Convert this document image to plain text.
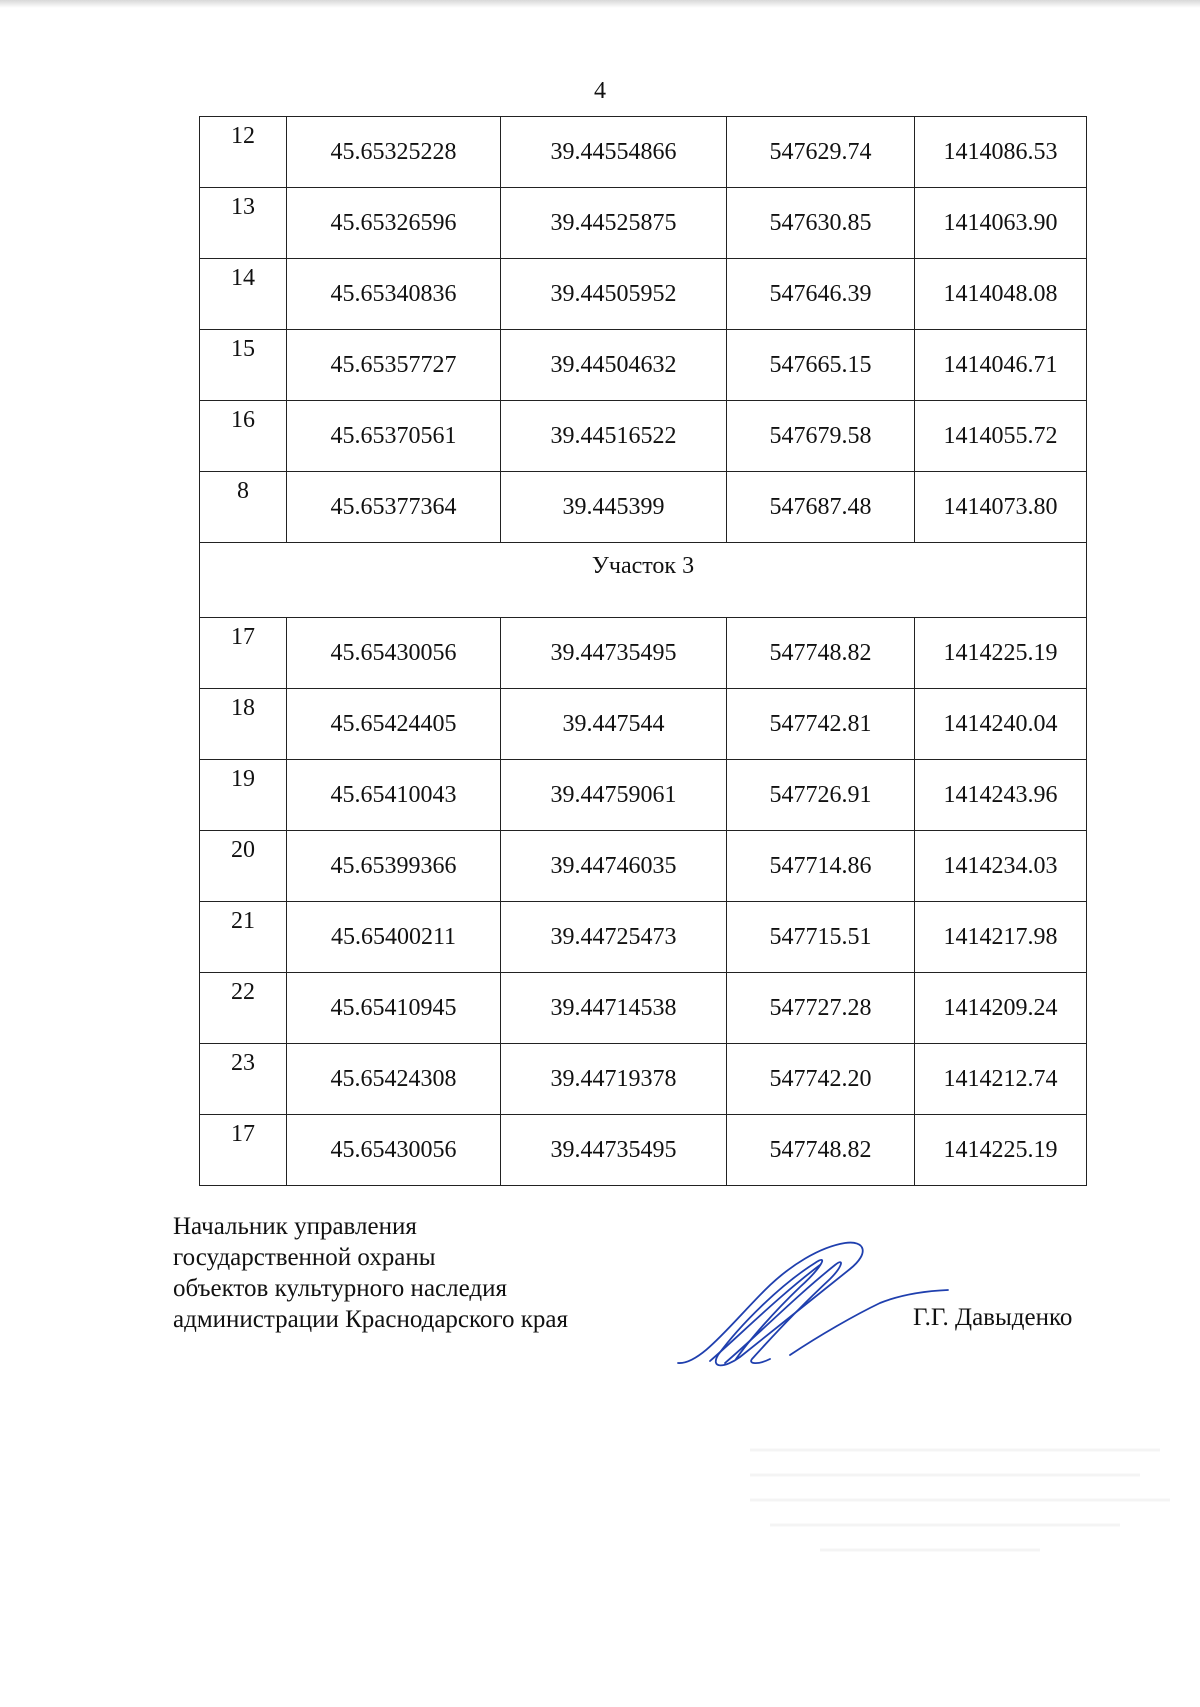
4
12	45.65325228	39.44554866	547629.74	1414086.53
13	45.65326596	39.44525875	547630.85	1414063.90
14	45.65340836	39.44505952	547646.39	1414048.08
15	45.65357727	39.44504632	547665.15	1414046.71
16	45.65370561	39.44516522	547679.58	1414055.72
8	45.65377364	39.445399	547687.48	1414073.80
Участок 3				
17	45.65430056	39.44735495	547748.82	1414225.19
18	45.65424405	39.447544	547742.81	1414240.04
19	45.65410043	39.44759061	547726.91	1414243.96
20	45.65399366	39.44746035	547714.86	1414234.03
21	45.65400211	39.44725473	547715.51	1414217.98
22	45.65410945	39.44714538	547727.28	1414209.24
23	45.65424308	39.44719378	547742.20	1414212.74
17	45.65430056	39.44735495	547748.82	1414225.19
Начальник управления
государственной охраны
объектов культурного наследия
администрации Краснодарского края	Г.Г. Давыденко
